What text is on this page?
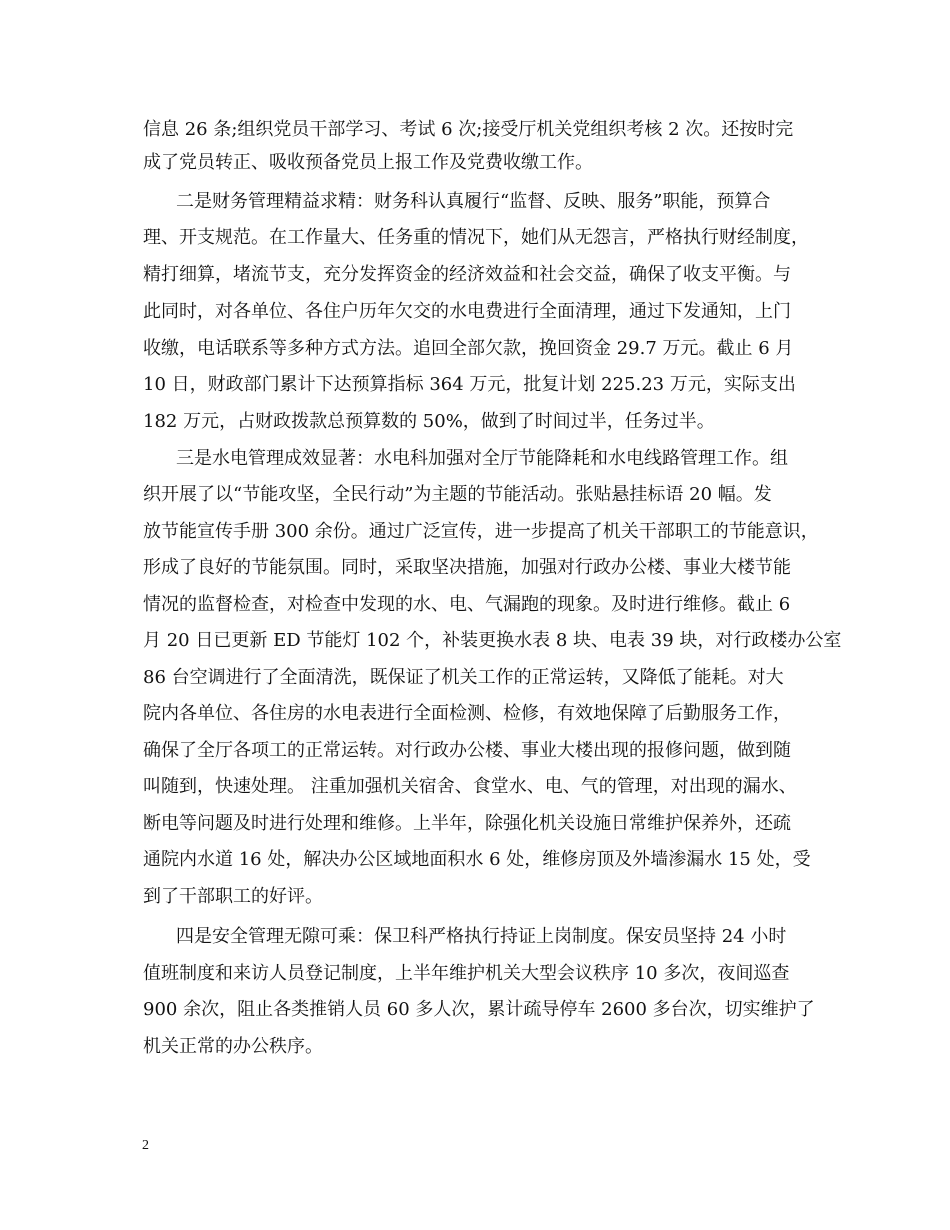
信息 26 条;组织党员干部学习、考试 6 次;接受厅机关党组织考核 2 次。还按时完
成了党员转正、吸收预备党员上报工作及党费收缴工作。
二是财务管理精益求精：财务科认真履行“监督、反映、服务”职能，预算合
理、开支规范。在工作量大、任务重的情况下，她们从无怨言，严格执行财经制度，
精打细算，堵流节支，充分发挥资金的经济效益和社会交益，确保了收支平衡。与
此同时，对各单位、各住户历年欠交的水电费进行全面清理，通过下发通知，上门
收缴，电话联系等多种方式方法。追回全部欠款，挽回资金 29.7 万元。截止 6 月
10 日，财政部门累计下达预算指标 364 万元，批复计划 225.23 万元，实际支出
182 万元，占财政拨款总预算数的 50%，做到了时间过半，任务过半。
三是水电管理成效显著：水电科加强对全厅节能降耗和水电线路管理工作。组
织开展了以“节能攻坚，全民行动”为主题的节能活动。张贴悬挂标语 20 幅。发
放节能宣传手册 300 余份。通过广泛宣传，进一步提高了机关干部职工的节能意识，
形成了良好的节能氛围。同时，采取坚决措施，加强对行政办公楼、事业大楼节能
情况的监督检查，对检查中发现的水、电、气漏跑的现象。及时进行维修。截止 6
月 20 日已更新 ED 节能灯 102 个，补装更换水表 8 块、电表 39 块，对行政楼办公室
86 台空调进行了全面清洗，既保证了机关工作的正常运转，又降低了能耗。对大
院内各单位、各住房的水电表进行全面检测、检修，有效地保障了后勤服务工作，
确保了全厅各项工的正常运转。对行政办公楼、事业大楼出现的报修问题，做到随
叫随到，快速处理。 注重加强机关宿舍、食堂水、电、气的管理，对出现的漏水、
断电等问题及时进行处理和维修。上半年，除强化机关设施日常维护保养外，还疏
通院内水道 16 处，解决办公区域地面积水 6 处，维修房顶及外墙渗漏水 15 处，受
到了干部职工的好评。
四是安全管理无隙可乘：保卫科严格执行持证上岗制度。保安员坚持 24 小时
值班制度和来访人员登记制度，上半年维护机关大型会议秩序 10 多次，夜间巡查
900 余次，阻止各类推销人员 60 多人次，累计疏导停车 2600 多台次，切实维护了
机关正常的办公秩序。
2
